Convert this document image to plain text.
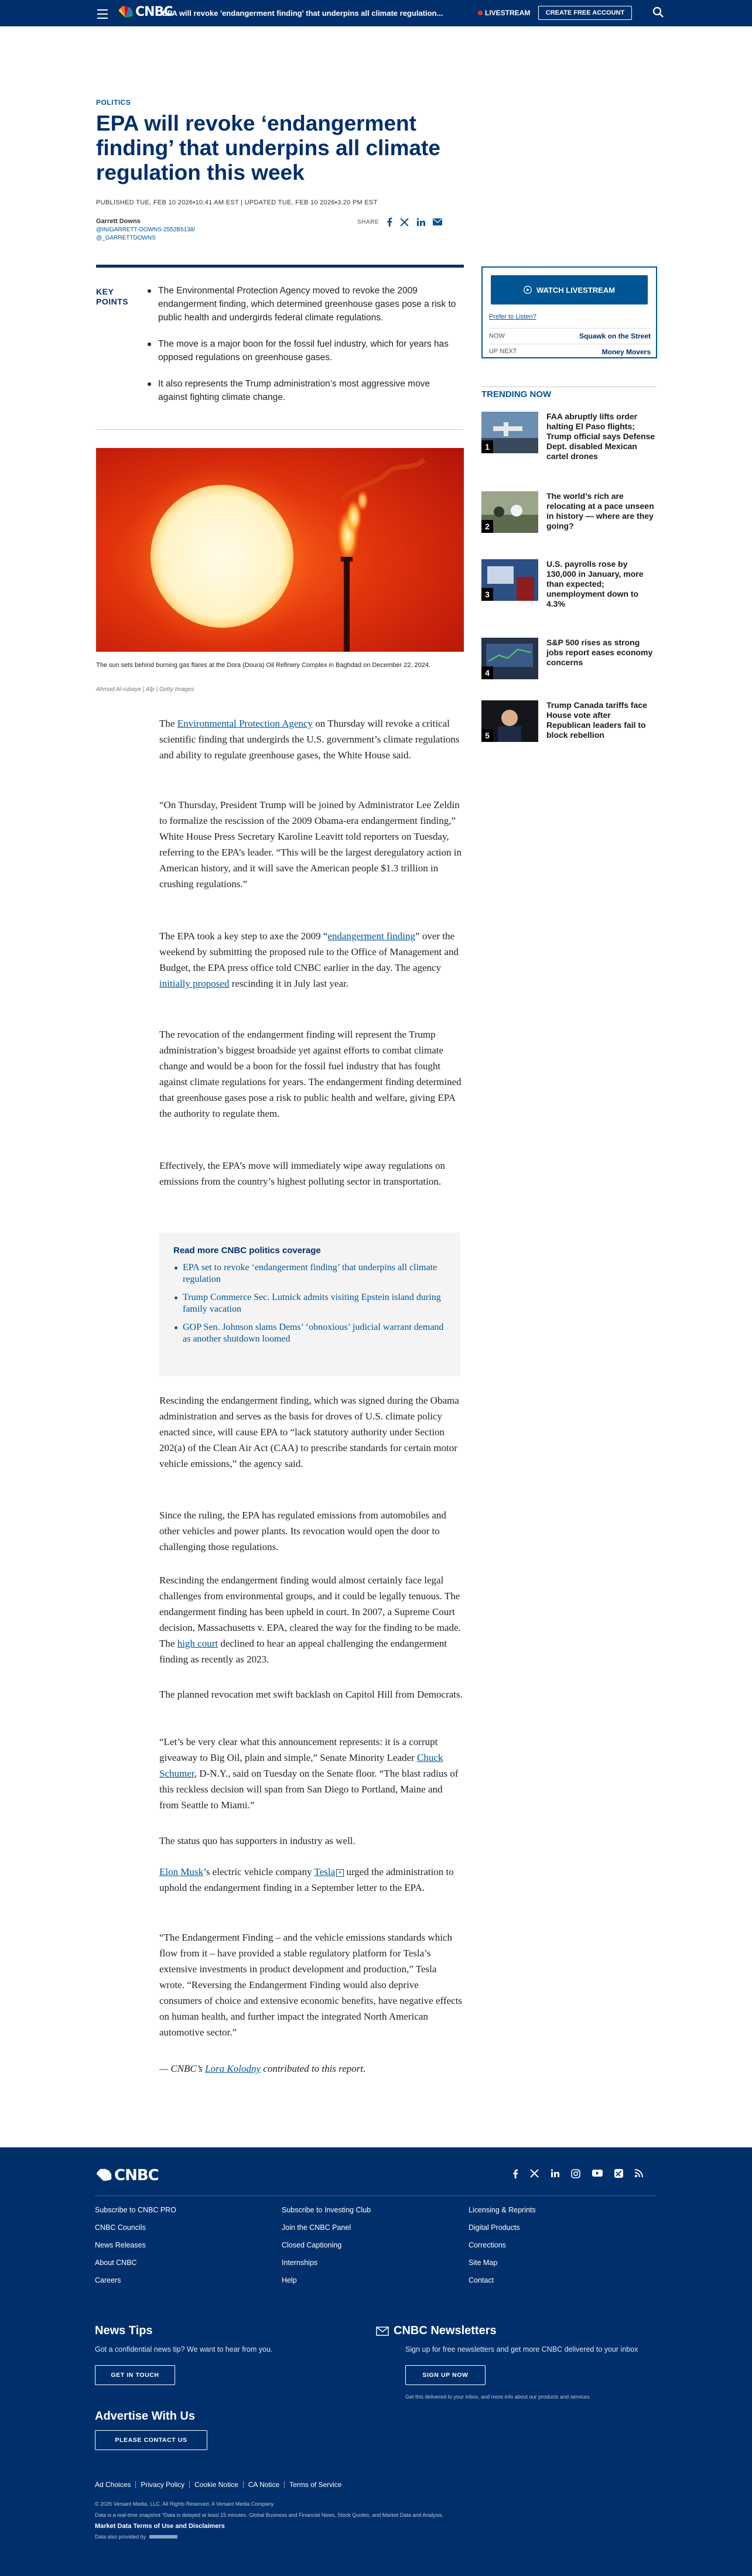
CNBC
EPA will revoke 'endangerment finding' that underpins all climate regulation...	LIVESTREAM	CREATE FREE ACCOUNT
POLITICS
EPA will revoke ‘endangerment finding’ that underpins all climate regulation this week
PUBLISHED TUE, FEB 10 2026•10:41 AM EST | UPDATED TUE, FEB 10 2026•3:20 PM EST
Garrett Downs
@IN/GARRETT-DOWNS-2552B5138/
@_GARRETTDOWNS
SHARE
KEY POINTS
The Environmental Protection Agency moved to revoke the 2009 endangerment finding, which determined greenhouse gases pose a risk to public health and undergirds federal climate regulations.
The move is a major boon for the fossil fuel industry, which for years has opposed regulations on greenhouse gases.
It also represents the Trump administration’s most aggressive move against fighting climate change.
The sun sets behind burning gas flares at the Dora (Doura) Oil Refinery Complex in Baghdad on December 22, 2024.
Ahmad Al-rubaye | Afp | Getty Images

The Environmental Protection Agency on Thursday will revoke a critical scientific finding that undergirds the U.S. government’s climate regulations and ability to regulate greenhouse gases, the White House said.

“On Thursday, President Trump will be joined by Administrator Lee Zeldin to formalize the rescission of the 2009 Obama-era endangerment finding,” White House Press Secretary Karoline Leavitt told reporters on Tuesday, referring to the EPA’s leader. “This will be the largest deregulatory action in American history, and it will save the American people $1.3 trillion in crushing regulations.”

The EPA took a key step to axe the 2009 “endangerment finding” over the weekend by submitting the proposed rule to the Office of Management and Budget, the EPA press office told CNBC earlier in the day. The agency initially proposed rescinding it in July last year.

The revocation of the endangerment finding will represent the Trump administration’s biggest broadside yet against efforts to combat climate change and would be a boon for the fossil fuel industry that has fought against climate regulations for years. The endangerment finding determined that greenhouse gases pose a risk to public health and welfare, giving EPA the authority to regulate them.

Effectively, the EPA’s move will immediately wipe away regulations on emissions from the country’s highest polluting sector in transportation.

Read more CNBC politics coverage
EPA set to revoke ‘endangerment finding’ that underpins all climate regulation
Trump Commerce Sec. Lutnick admits visiting Epstein island during family vacation
GOP Sen. Johnson slams Dems’ ‘obnoxious’ judicial warrant demand as another shutdown loomed

Rescinding the endangerment finding, which was signed during the Obama administration and serves as the basis for droves of U.S. climate policy enacted since, will cause EPA to “lack statutory authority under Section 202(a) of the Clean Air Act (CAA) to prescribe standards for certain motor vehicle emissions,” the agency said.

Since the ruling, the EPA has regulated emissions from automobiles and other vehicles and power plants. Its revocation would open the door to challenging those regulations.

Rescinding the endangerment finding would almost certainly face legal challenges from environmental groups, and it could be legally tenuous. The endangerment finding has been upheld in court. In 2007, a Supreme Court decision, Massachusetts v. EPA, cleared the way for the finding to be made. The high court declined to hear an appeal challenging the endangerment finding as recently as 2023.

The planned revocation met swift backlash on Capitol Hill from Democrats.

“Let’s be very clear what this announcement represents: it is a corrupt giveaway to Big Oil, plain and simple,” Senate Minority Leader Chuck Schumer, D-N.Y., said on Tuesday on the Senate floor. “The blast radius of this reckless decision will span from San Diego to Portland, Maine and from Seattle to Miami.”

The status quo has supporters in industry as well.

Elon Musk’s electric vehicle company Tesla + urged the administration to uphold the endangerment finding in a September letter to the EPA.

“The Endangerment Finding – and the vehicle emissions standards which flow from it – have provided a stable regulatory platform for Tesla’s extensive investments in product development and production,” Tesla wrote. “Reversing the Endangerment Finding would also deprive consumers of choice and extensive economic benefits, have negative effects on human health, and further impact the integrated North American automotive sector.”

— CNBC’s Lora Kolodny contributed to this report.

WATCH LIVESTREAM
Prefer to Listen?
NOW	Squawk on the Street
UP NEXT	Money Movers
TRENDING NOW
1
FAA abruptly lifts order halting El Paso flights; Trump official says Defense Dept. disabled Mexican cartel drones
2
The world’s rich are relocating at a pace unseen in history — where are they going?
3
U.S. payrolls rose by 130,000 in January, more than expected; unemployment down to 4.3%
4
S&P 500 rises as strong jobs report eases economy concerns
5
Trump Canada tariffs face House vote after Republican leaders fail to block rebellion
CNBC
Subscribe to CNBC PRO
CNBC Councils
News Releases
About CNBC
Careers
Subscribe to Investing Club
Join the CNBC Panel
Closed Captioning
Internships
Help
Licensing & Reprints
Digital Products
Corrections
Site Map
Contact
News Tips
Got a confidential news tip? We want to hear from you.
GET IN TOUCH
CNBC Newsletters
Sign up for free newsletters and get more CNBC delivered to your inbox
SIGN UP NOW
Get this delivered to your inbox, and more info about our products and services.
Advertise With Us
PLEASE CONTACT US
Ad Choices	Privacy Policy	Cookie Notice	CA Notice	Terms of Service
© 2026 Versant Media, LLC. All Rights Reserved. A Versant Media Company.
Data is a real-time snapshot *Data is delayed at least 15 minutes. Global Business and Financial News, Stock Quotes, and Market Data and Analysis.
Market Data Terms of Use and Disclaimers
Data also provided by
